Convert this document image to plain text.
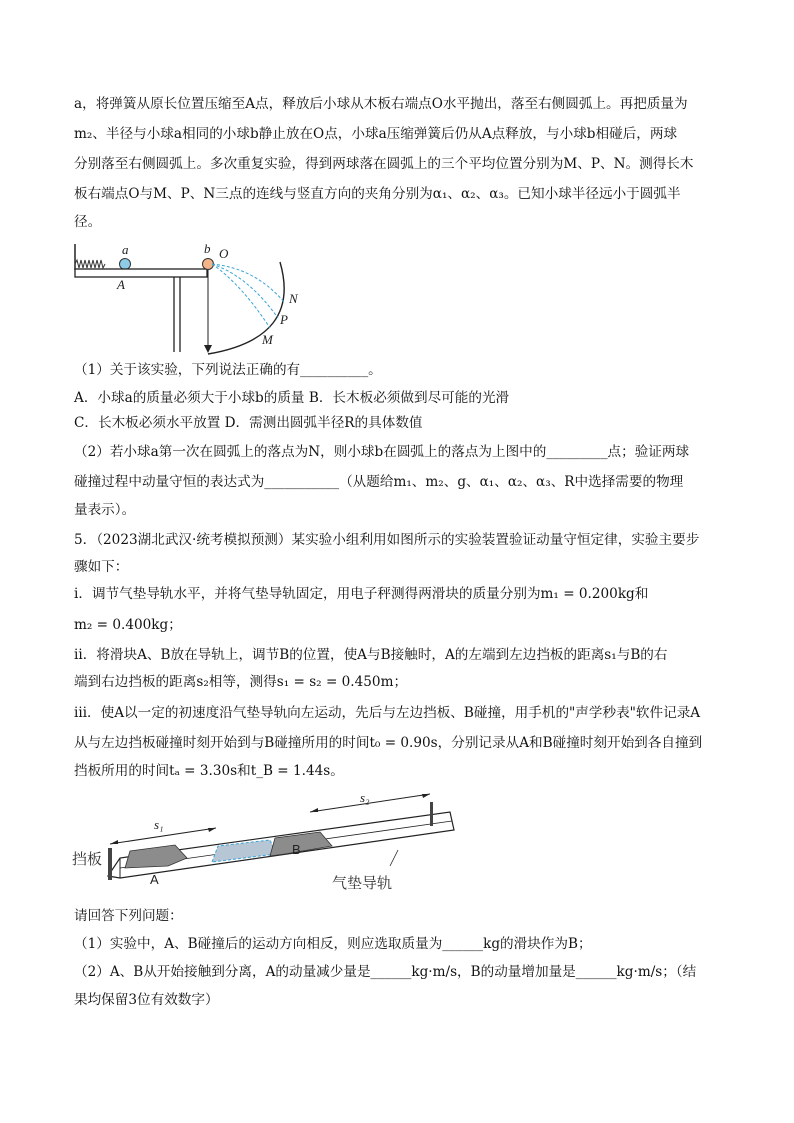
a，将弹簧从原长位置压缩至A点，释放后小球从木板右端点O水平抛出，落至右侧圆弧上。再把质量为
m₂、半径与小球a相同的小球b静止放在O点，小球a压缩弹簧后仍从A点释放，与小球b相碰后，两球
分别落至右侧圆弧上。多次重复实验，得到两球落在圆弧上的三个平均位置分别为M、P、N。测得长木
板右端点O与M、P、N三点的连线与竖直方向的夹角分别为α₁、α₂、α₃。已知小球半径远小于圆弧半
径。
a	b O
A
N
P
M
（1）关于该实验，下列说法正确的有__________。
A．小球a的质量必须大于小球b的质量 B．长木板必须做到尽可能的光滑
C．长木板必须水平放置 D．需测出圆弧半径R的具体数值
（2）若小球a第一次在圆弧上的落点为N，则小球b在圆弧上的落点为上图中的_________点；验证两球
碰撞过程中动量守恒的表达式为___________（从题给m₁、m₂、g、α₁、α₂、α₃、R中选择需要的物理
量表示）。
5．（2023湖北武汉·统考模拟预测）某实验小组利用如图所示的实验装置验证动量守恒定律，实验主要步
骤如下：
ⅰ．调节气垫导轨水平，并将气垫导轨固定，用电子秤测得两滑块的质量分别为m₁ = 0.200kg和
m₂ = 0.400kg；
ⅱ．将滑块A、B放在导轨上，调节B的位置，使A与B接触时，A的左端到左边挡板的距离s₁与B的右
端到右边挡板的距离s₂相等，测得s₁ = s₂ = 0.450m；
ⅲ．使A以一定的初速度沿气垫导轨向左运动，先后与左边挡板、B碰撞，用手机的"声学秒表"软件记录A
从与左边挡板碰撞时刻开始到与B碰撞所用的时间t₀ = 0.90s，分别记录从A和B碰撞时刻开始到各自撞到
挡板所用的时间tₐ = 3.30s和t_B = 1.44s。
A
B
s₁
s₂
挡板
气垫导轨
请回答下列问题：
（1）实验中，A、B碰撞后的运动方向相反，则应选取质量为______kg的滑块作为B；
（2）A、B从开始接触到分离，A的动量减少量是______kg·m/s，B的动量增加量是______kg·m/s；（结
果均保留3位有效数字）
